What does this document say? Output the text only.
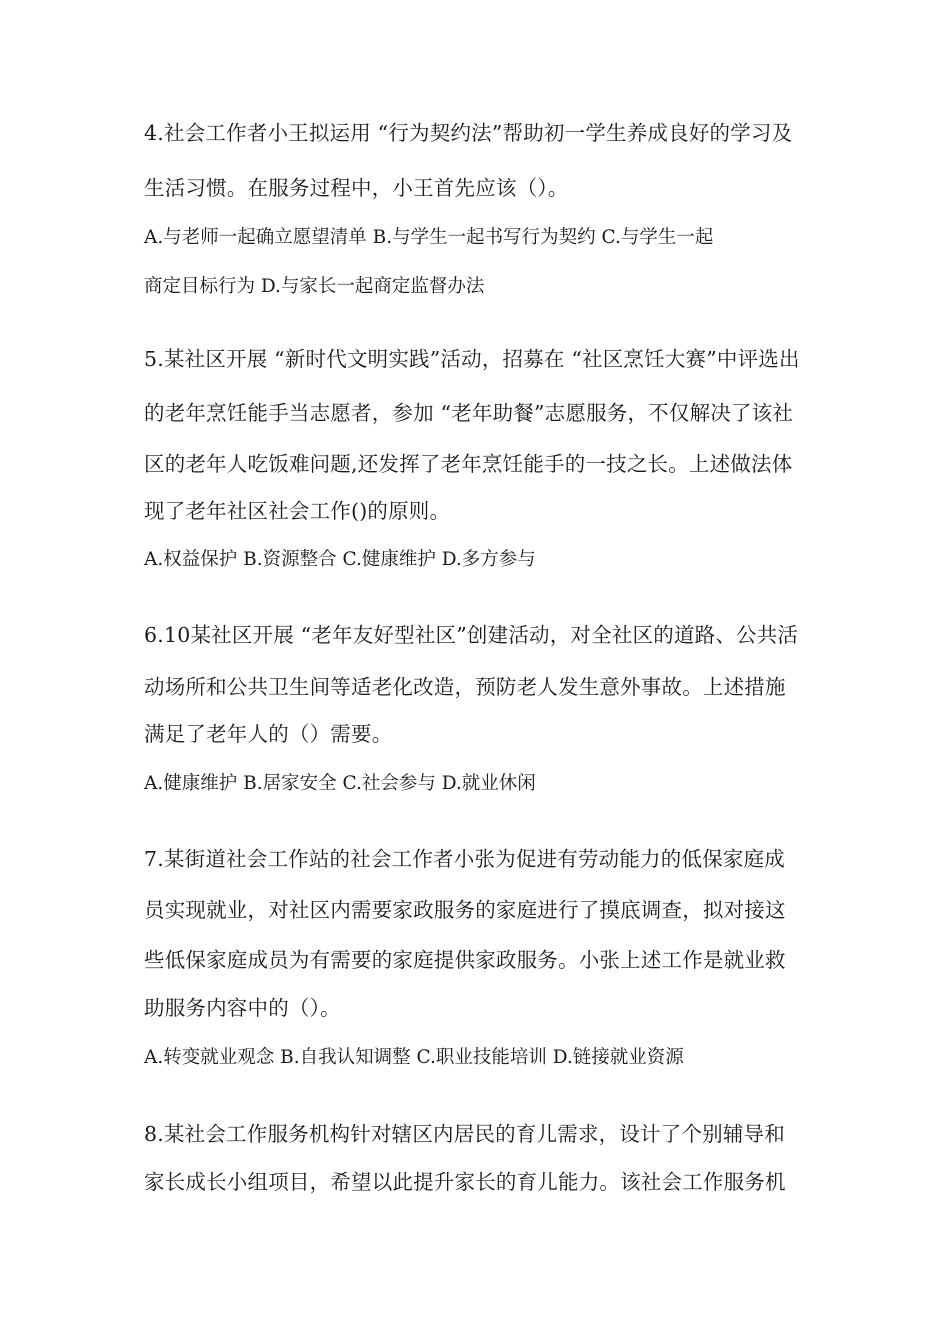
4.社会工作者小王拟运用 “行为契约法”帮助初一学生养成良好的学习及
生活习惯。在服务过程中，小王首先应该（）。
A.与老师一起确立愿望清单 B.与学生一起书写行为契约 C.与学生一起
商定目标行为 D.与家长一起商定监督办法
5.某社区开展 “新时代文明实践”活动，招募在 “社区烹饪大赛”中评选出
的老年烹饪能手当志愿者，参加 “老年助餐”志愿服务，不仅解决了该社
区的老年人吃饭难问题,还发挥了老年烹饪能手的一技之长。上述做法体
现了老年社区社会工作()的原则。
A.权益保护 B.资源整合 C.健康维护 D.多方参与
6.10某社区开展 “老年友好型社区”创建活动，对全社区的道路、公共活
动场所和公共卫生间等适老化改造，预防老人发生意外事故。上述措施
满足了老年人的（）需要。
A.健康维护 B.居家安全 C.社会参与 D.就业休闲
7.某街道社会工作站的社会工作者小张为促进有劳动能力的低保家庭成
员实现就业，对社区内需要家政服务的家庭进行了摸底调查，拟对接这
些低保家庭成员为有需要的家庭提供家政服务。小张上述工作是就业救
助服务内容中的（）。
A.转变就业观念 B.自我认知调整 C.职业技能培训 D.链接就业资源
8.某社会工作服务机构针对辖区内居民的育儿需求，设计了个别辅导和
家长成长小组项目，希望以此提升家长的育儿能力。该社会工作服务机
